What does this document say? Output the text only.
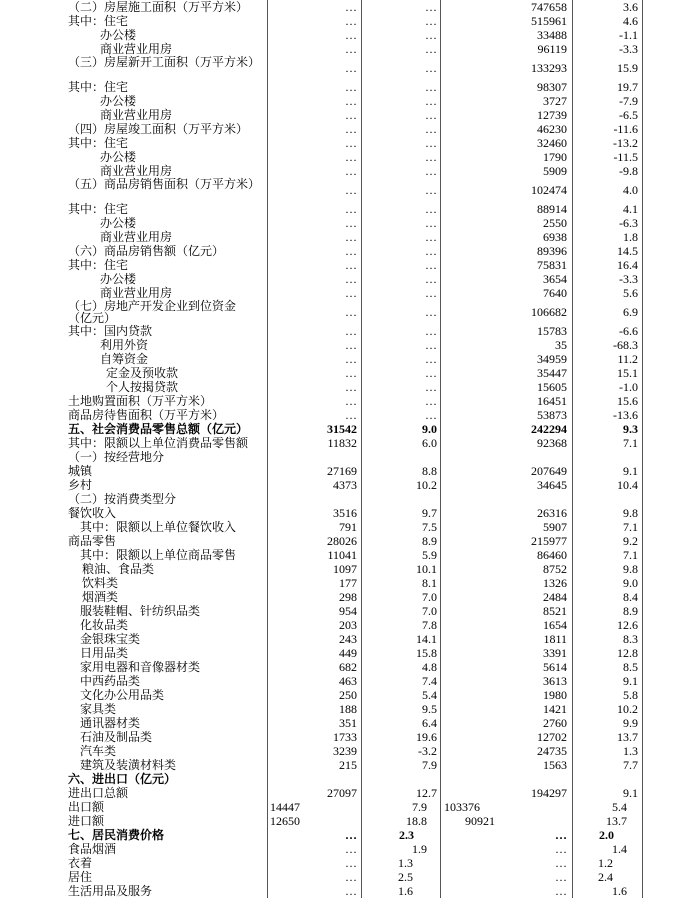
（二）房屋施工面积（万平方米）	…	…	747658	3.6
其中：住宅	…	…	515961	4.6
办公楼	…	…	33488	-1.1
商业营业用房	…	…	96119	-3.3
（三）房屋新开工面积（万平方米）	…	…	133293	15.9
其中：住宅	…	…	98307	19.7
办公楼	…	…	3727	-7.9
商业营业用房	…	…	12739	-6.5
（四）房屋竣工面积（万平方米）	…	…	46230	-11.6
其中：住宅	…	…	32460	-13.2
办公楼	…	…	1790	-11.5
商业营业用房	…	…	5909	-9.8
（五）商品房销售面积（万平方米）	…	…	102474	4.0
其中：住宅	…	…	88914	4.1
办公楼	…	…	2550	-6.3
商业营业用房	…	…	6938	1.8
（六）商品房销售额（亿元）	…	…	89396	14.5
其中：住宅	…	…	75831	16.4
办公楼	…	…	3654	-3.3
商业营业用房	…	…	7640	5.6
（七）房地产开发企业到位资金（亿元）	…	…	106682	6.9
其中：国内贷款	…	…	15783	-6.6
利用外资	…	…	35	-68.3
自筹资金	…	…	34959	11.2
定金及预收款	…	…	35447	15.1
个人按揭贷款	…	…	15605	-1.0
土地购置面积（万平方米）	…	…	16451	15.6
商品房待售面积（万平方米）	…	…	53873	-13.6
五、社会消费品零售总额（亿元）	31542	9.0	242294	9.3
其中：限额以上单位消费品零售额	11832	6.0	92368	7.1
（一）按经营地分
城镇	27169	8.8	207649	9.1
乡村	4373	10.2	34645	10.4
（二）按消费类型分
餐饮收入	3516	9.7	26316	9.8
其中：限额以上单位餐饮收入	791	7.5	5907	7.1
商品零售	28026	8.9	215977	9.2
其中：限额以上单位商品零售	11041	5.9	86460	7.1
粮油、食品类	1097	10.1	8752	9.8
饮料类	177	8.1	1326	9.0
烟酒类	298	7.0	2484	8.4
服装鞋帽、针纺织品类	954	7.0	8521	8.9
化妆品类	203	7.8	1654	12.6
金银珠宝类	243	14.1	1811	8.3
日用品类	449	15.8	3391	12.8
家用电器和音像器材类	682	4.8	5614	8.5
中西药品类	463	7.4	3613	9.1
文化办公用品类	250	5.4	1980	5.8
家具类	188	9.5	1421	10.2
通讯器材类	351	6.4	2760	9.9
石油及制品类	1733	19.6	12702	13.7
汽车类	3239	-3.2	24735	1.3
建筑及装潢材料类	215	7.9	1563	7.7
六、进出口（亿元）
进出口总额	27097	12.7	194297	9.1
出口额	14447	7.9	103376	5.4
进口额	12650	18.8	90921	13.7
七、居民消费价格	…	2.3	…	2.0
食品烟酒	…	1.9	…	1.4
衣着	…	1.3	…	1.2
居住	…	2.5	…	2.4
生活用品及服务	…	1.6	…	1.6
